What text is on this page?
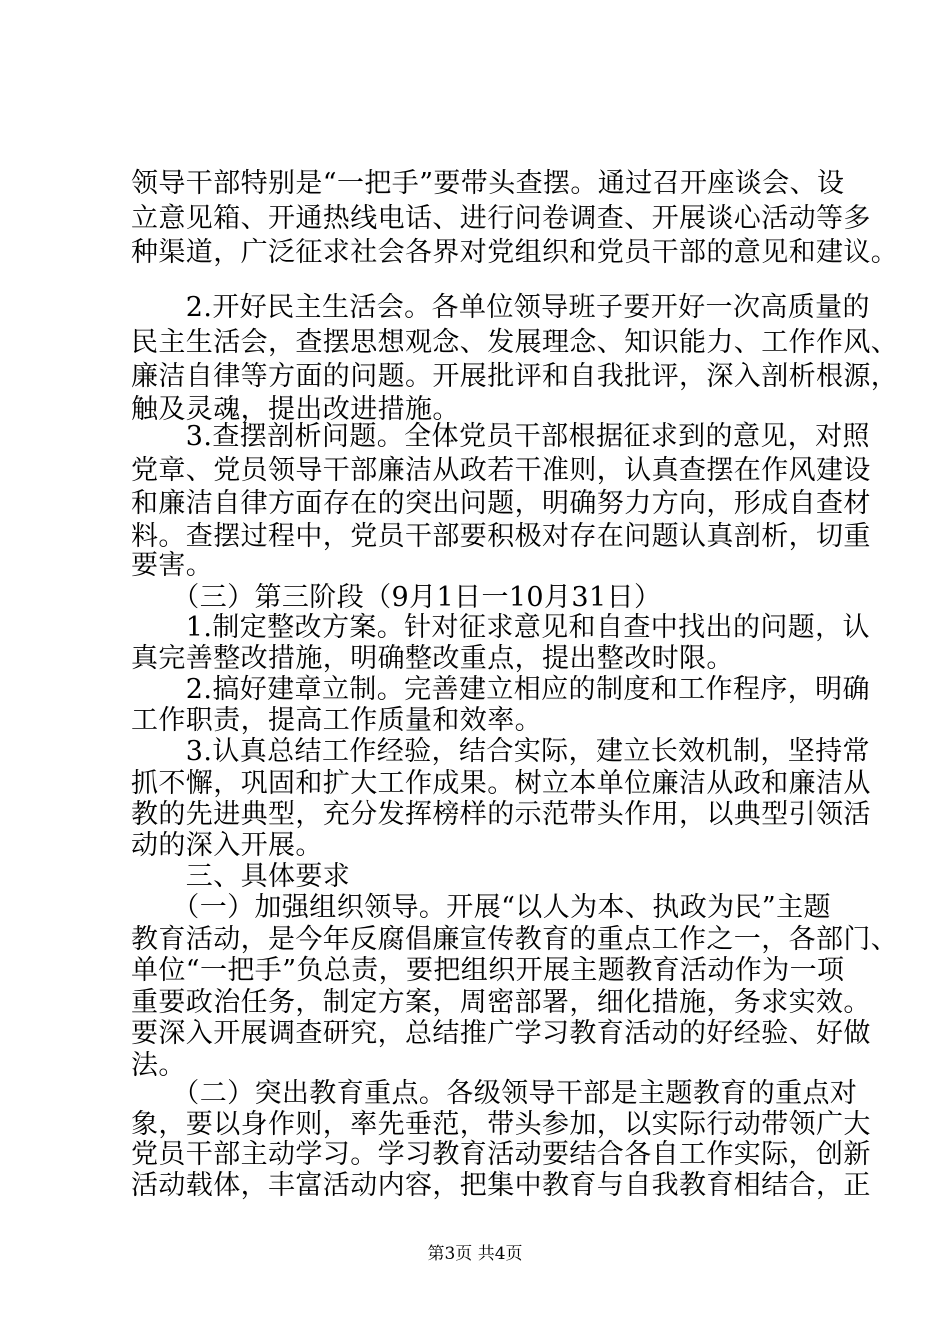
领导干部特别是“一把手”要带头查摆。通过召开座谈会、设
立意见箱、开通热线电话、进行问卷调查、开展谈心活动等多
种渠道，广泛征求社会各界对党组织和党员干部的意见和建议。
　　2.开好民主生活会。各单位领导班子要开好一次高质量的
民主生活会，查摆思想观念、发展理念、知识能力、工作作风、
廉洁自律等方面的问题。开展批评和自我批评，深入剖析根源，
触及灵魂，提出改进措施。
　　3.查摆剖析问题。全体党员干部根据征求到的意见，对照
党章、党员领导干部廉洁从政若干准则，认真查摆在作风建设
和廉洁自律方面存在的突出问题，明确努力方向，形成自查材
料。查摆过程中，党员干部要积极对存在问题认真剖析，切重
要害。
　　（三）第三阶段（9月1日一10月31日）
　　1.制定整改方案。针对征求意见和自查中找出的问题，认
真完善整改措施，明确整改重点，提出整改时限。
　　2.搞好建章立制。完善建立相应的制度和工作程序，明确
工作职责，提高工作质量和效率。
　　3.认真总结工作经验，结合实际，建立长效机制，坚持常
抓不懈，巩固和扩大工作成果。树立本单位廉洁从政和廉洁从
教的先进典型，充分发挥榜样的示范带头作用，以典型引领活
动的深入开展。
　　三、具体要求
　　（一）加强组织领导。开展“以人为本、执政为民”主题
教育活动，是今年反腐倡廉宣传教育的重点工作之一，各部门、
单位“一把手”负总责，要把组织开展主题教育活动作为一项
重要政治任务，制定方案，周密部署，细化措施，务求实效。
要深入开展调查研究，总结推广学习教育活动的好经验、好做
法。
　　（二）突出教育重点。各级领导干部是主题教育的重点对
象，要以身作则，率先垂范，带头参加，以实际行动带领广大
党员干部主动学习。学习教育活动要结合各自工作实际，创新
活动载体，丰富活动内容，把集中教育与自我教育相结合，正
第3页 共4页
